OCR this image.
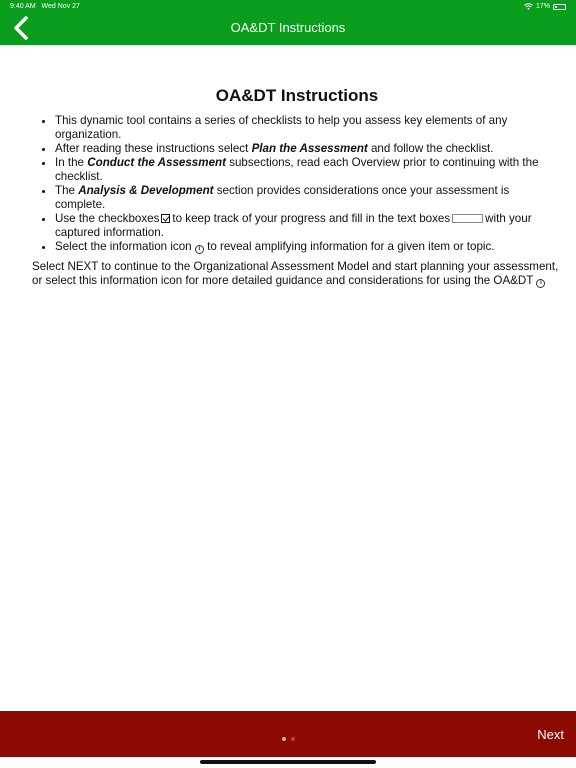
9:40 AM Wed Nov 27	17%
OA&DT Instructions
OA&DT Instructions
• This dynamic tool contains a series of checklists to help you assess key elements of any organization.
• After reading these instructions select Plan the Assessment and follow the checklist.
• In the Conduct the Assessment subsections, read each Overview prior to continuing with the checklist.
• The Analysis & Development section provides considerations once your assessment is complete.
• Use the checkboxes to keep track of your progress and fill in the text boxes	with your captured information.
• Select the information icon i to reveal amplifying information for a given item or topic.

Select NEXT to continue to the Organizational Assessment Model and start planning your assessment, or select this information icon for more detailed guidance and considerations for using the OA&DT i

Next
